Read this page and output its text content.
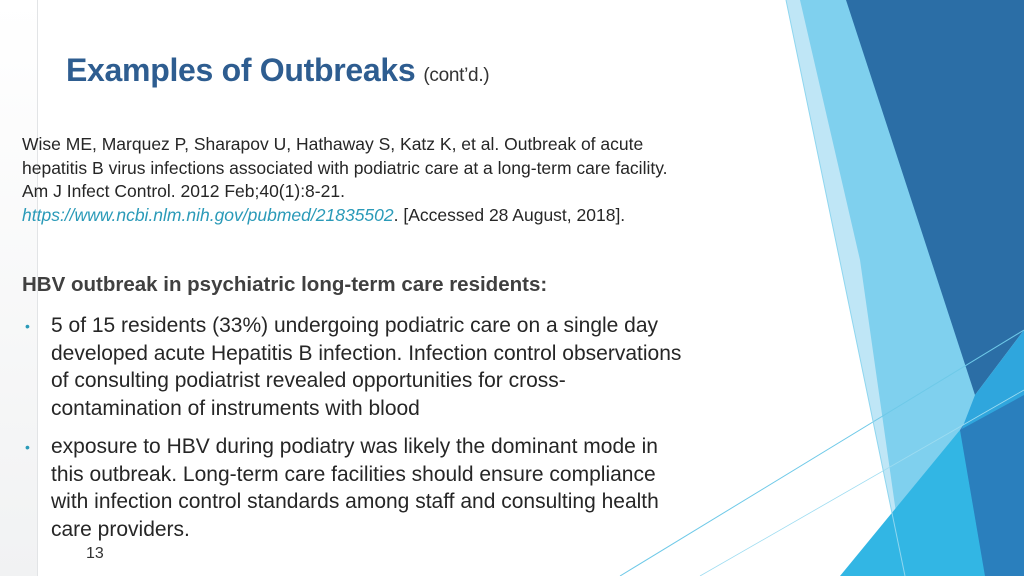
Examples of Outbreaks (cont’d.)
Wise ME, Marquez P, Sharapov U, Hathaway S, Katz K, et al. Outbreak of acute
hepatitis B virus infections associated with podiatric care at a long-term care facility.
Am J Infect Control. 2012 Feb;40(1):8-21.
https://www.ncbi.nlm.nih.gov/pubmed/21835502. [Accessed 28 August, 2018].
HBV outbreak in psychiatric long-term care residents:
• 5 of 15 residents (33%) undergoing podiatric care on a single day
developed acute Hepatitis B infection. Infection control observations
of consulting podiatrist revealed opportunities for cross-
contamination of instruments with blood
• exposure to HBV during podiatry was likely the dominant mode in
this outbreak. Long-term care facilities should ensure compliance
with infection control standards among staff and consulting health
care providers.
13
